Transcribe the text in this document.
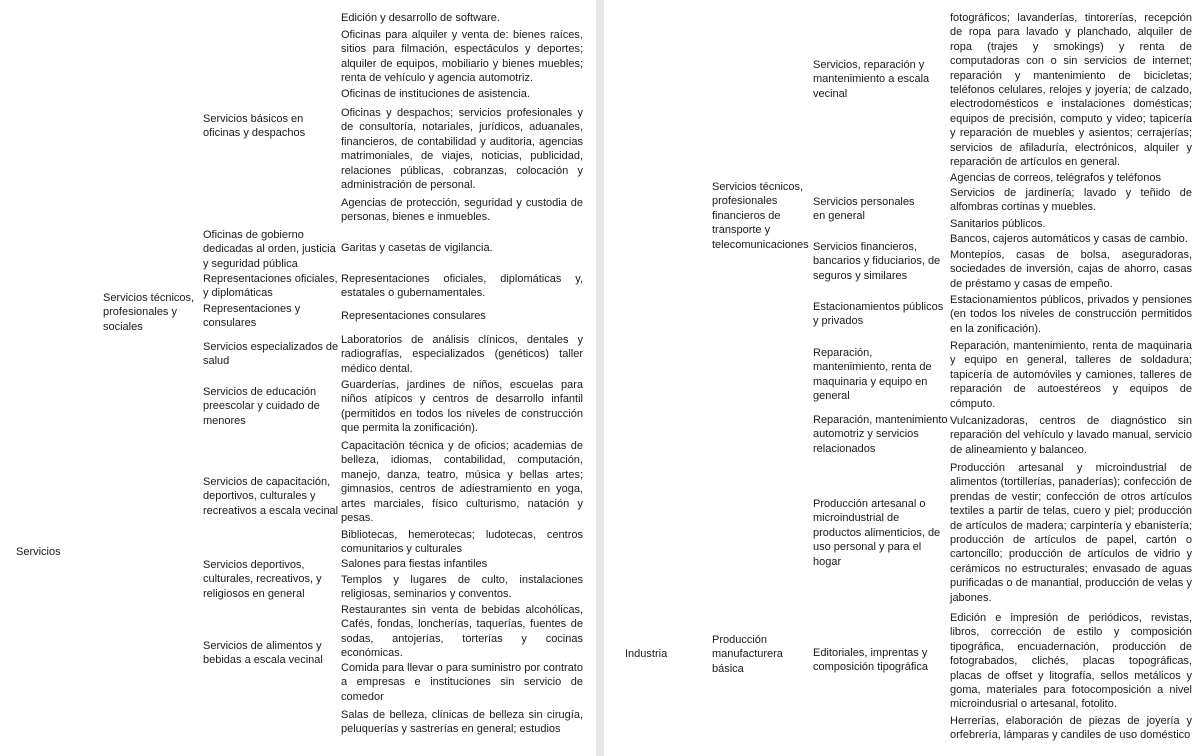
Servicios
Servicios técnicos, profesionales y sociales
Servicios básicos en oficinas y despachos
Oficinas de gobierno dedicadas al orden, justicia y seguridad pública
Representaciones oficiales, y diplomáticas
Representaciones y consulares
Servicios especializados de salud
Servicios de educación preescolar y cuidado de menores
Servicios de capacitación, deportivos, culturales y recreativos a escala vecinal
Servicios deportivos, culturales, recreativos, y religiosos en general
Servicios de alimentos y bebidas a escala vecinal
Edición y desarrollo de software.
Oficinas para alquiler y venta de: bienes raíces, sitios para filmación, espectáculos y deportes; alquiler de equipos, mobiliario y bienes muebles; renta de vehículo y agencia automotriz.
Oficinas de instituciones de asistencia.
Oficinas y despachos; servicios profesionales y de consultoría, notariales, jurídicos, aduanales, financieros, de contabilidad y auditoria, agencias matrimoniales, de viajes, noticias, publicidad, relaciones públicas, cobranzas, colocación y administración de personal.
Agencias de protección, seguridad y custodia de personas, bienes e inmuebles.
Garitas y casetas de vigilancia.
Representaciones oficiales, diplomáticas y, estatales o gubernamentales.
Representaciones consulares
Laboratorios de análisis clínicos, dentales y radiografías, especializados (genéticos) taller médico dental.
Guarderías, jardines de niños, escuelas para niños atípicos y centros de desarrollo infantil (permitidos en todos los niveles de construcción que permita la zonificación).
Capacitación técnica y de oficios; academias de belleza, idiomas, contabilidad, computación, manejo, danza, teatro, música y bellas artes; gimnasios, centros de adiestramiento en yoga, artes marciales, físico culturismo, natación y pesas.
Bibliotecas, hemerotecas; ludotecas, centros comunitarios y culturales
Salones para fiestas infantiles
Templos y lugares de culto, instalaciones religiosas, seminarios y conventos.
Restaurantes sin venta de bebidas alcohólicas, Cafés, fondas, loncherías, taquerías, fuentes de sodas, antojerías, torterías y cocinas económicas.
Comida para llevar o para suministro por contrato a empresas e instituciones sin servicio de comedor
Salas de belleza, clínicas de belleza sin cirugía, peluquerías y sastrerías en general; estudios
Industria
Servicios técnicos, profesionales financieros de transporte y telecomunicaciones
Producción manufacturera básica
Servicios, reparación y mantenimiento a escala vecinal
Servicios personales en general
Servicios financieros, bancarios y fiduciarios, de seguros y similares
Estacionamientos públicos y privados
Reparación, mantenimiento, renta de maquinaria y equipo en general
Reparación, mantenimiento automotriz y servicios relacionados
Producción artesanal o microindustrial de productos alimenticios, de uso personal y para el hogar
Editoriales, imprentas y composición tipográfica
fotográficos; lavanderías, tintorerías, recepción de ropa para lavado y planchado, alquiler de ropa (trajes y smokings) y renta de computadoras con o sin servicios de internet; reparación y mantenimiento de bicicletas; teléfonos celulares, relojes y joyería; de calzado, electrodomésticos e instalaciones domésticas; equipos de precisión, computo y video; tapicería y reparación de muebles y asientos; cerrajerías; servicios de afiladuría, electrónicos, alquiler y reparación de artículos en general.
Agencias de correos, telégrafos y teléfonos
Servicios de jardinería; lavado y teñido de alfombras cortinas y muebles.
Sanitarios públicos.
Bancos, cajeros automáticos y casas de cambio.
Montepíos, casas de bolsa, aseguradoras, sociedades de inversión, cajas de ahorro, casas de préstamo y casas de empeño.
Estacionamientos públicos, privados y pensiones (en todos los niveles de construcción permitidos en la zonificación).
Reparación, mantenimiento, renta de maquinaria y equipo en general, talleres de soldadura; tapicería de automóviles y camiones, talleres de reparación de autoestéreos y equipos de cómputo.
Vulcanizadoras, centros de diagnóstico sin reparación del vehículo y lavado manual, servicio de alineamiento y balanceo.
Producción artesanal y microindustrial de alimentos (tortillerías, panaderías); confección de prendas de vestir; confección de otros artículos textiles a partir de telas, cuero y piel; producción de artículos de madera; carpintería y ebanistería; producción de artículos de papel, cartón o cartoncillo; producción de artículos de vidrio y cerámicos no estructurales; envasado de aguas purificadas o de manantial, producción de velas y jabones.
Edición e impresión de periódicos, revistas, libros, corrección de estilo y composición tipográfica, encuadernación, producción de fotograbados, clichés, placas topográficas, placas de offset y litografía, sellos metálicos y goma, materiales para fotocomposición a nivel microindusrial o artesanal, fotolito.
Herrerías, elaboración de piezas de joyería y orfebrería, lámparas y candiles de uso doméstico
